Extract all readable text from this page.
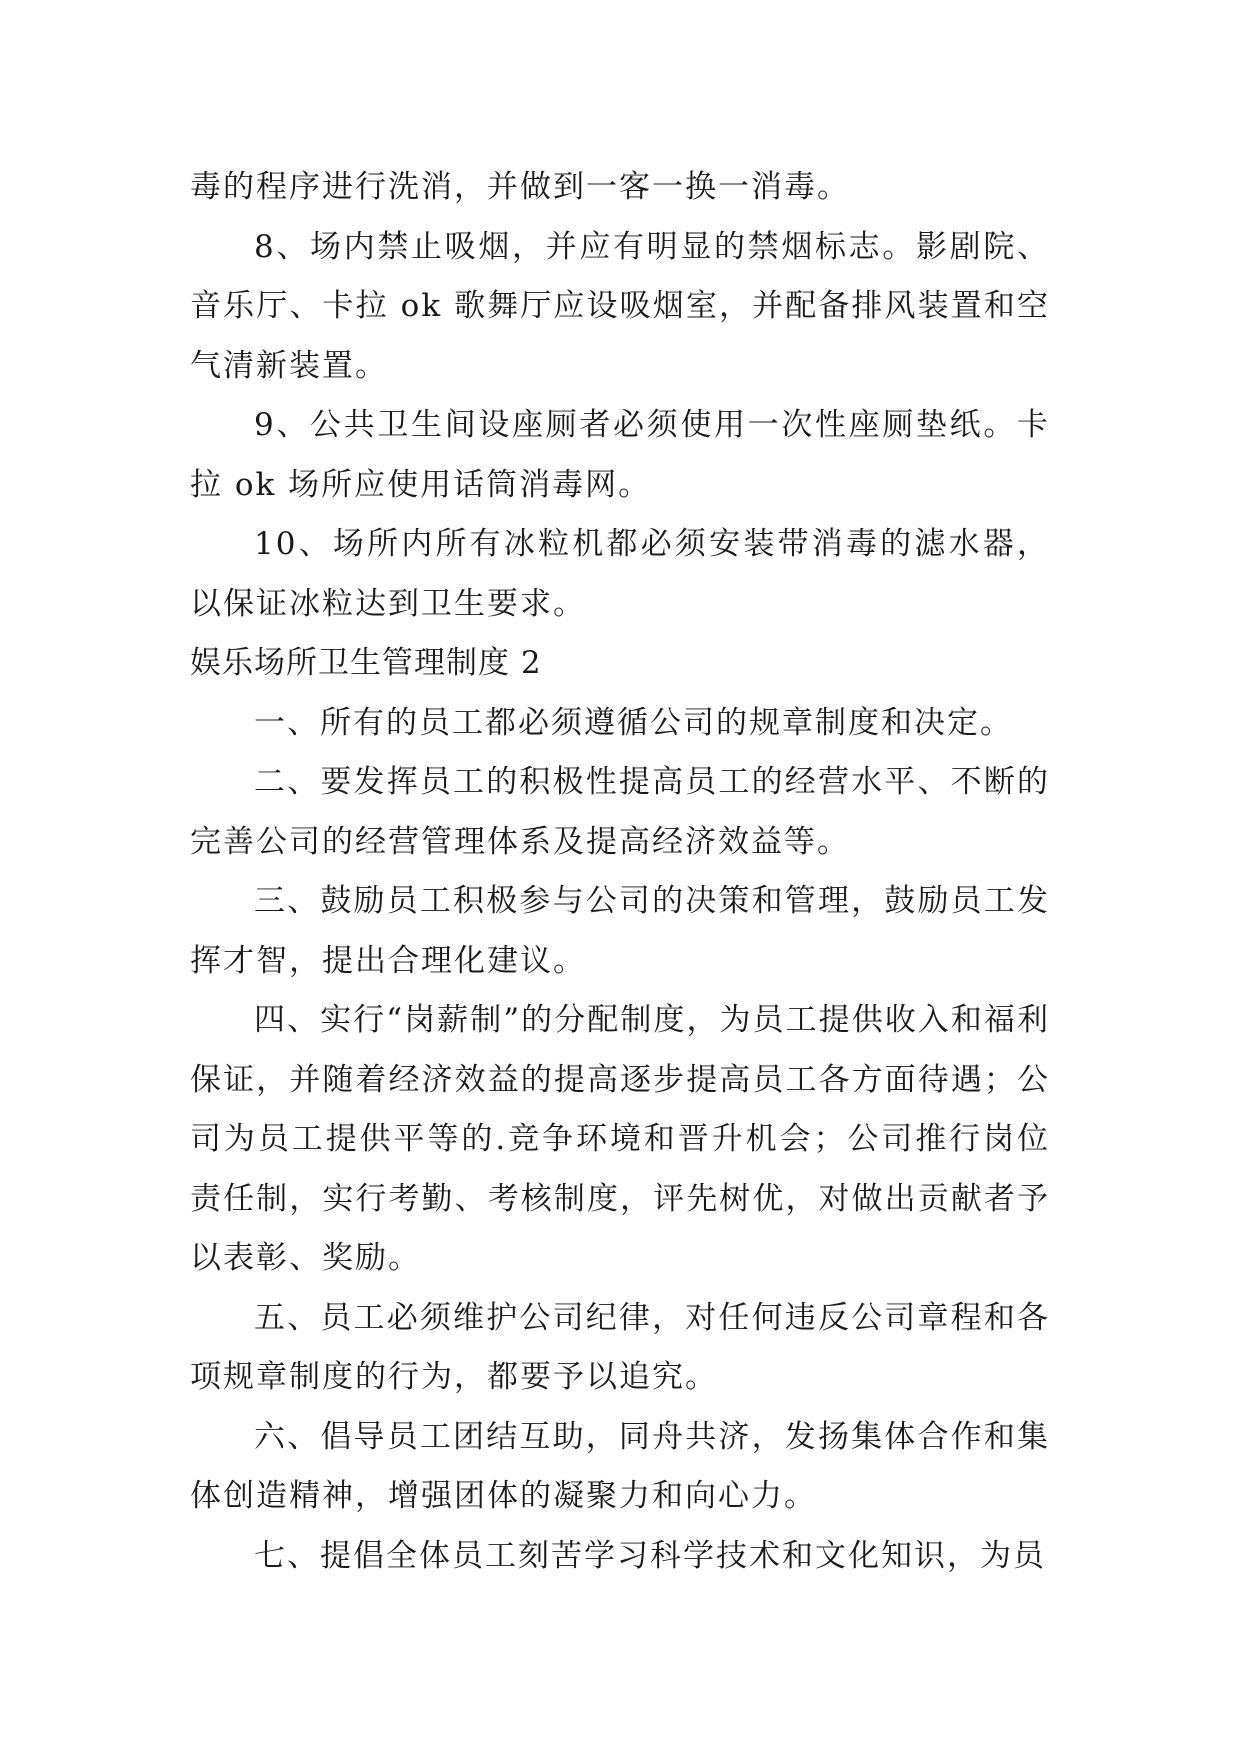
毒的程序进行洗消，并做到一客一换一消毒。

8、场内禁止吸烟，并应有明显的禁烟标志。影剧院、音乐厅、卡拉 ok 歌舞厅应设吸烟室，并配备排风装置和空气清新装置。

9、公共卫生间设座厕者必须使用一次性座厕垫纸。卡拉 ok 场所应使用话筒消毒网。

10、场所内所有冰粒机都必须安装带消毒的滤水器，以保证冰粒达到卫生要求。

娱乐场所卫生管理制度 2

一、所有的员工都必须遵循公司的规章制度和决定。

二、要发挥员工的积极性提高员工的经营水平、不断的完善公司的经营管理体系及提高经济效益等。

三、鼓励员工积极参与公司的决策和管理，鼓励员工发挥才智，提出合理化建议。

四、实行“岗薪制”的分配制度，为员工提供收入和福利保证，并随着经济效益的提高逐步提高员工各方面待遇；公司为员工提供平等的.竞争环境和晋升机会；公司推行岗位责任制，实行考勤、考核制度，评先树优，对做出贡献者予以表彰、奖励。

五、员工必须维护公司纪律，对任何违反公司章程和各项规章制度的行为，都要予以追究。

六、倡导员工团结互助，同舟共济，发扬集体合作和集体创造精神，增强团体的凝聚力和向心力。

七、提倡全体员工刻苦学习科学技术和文化知识，为员
